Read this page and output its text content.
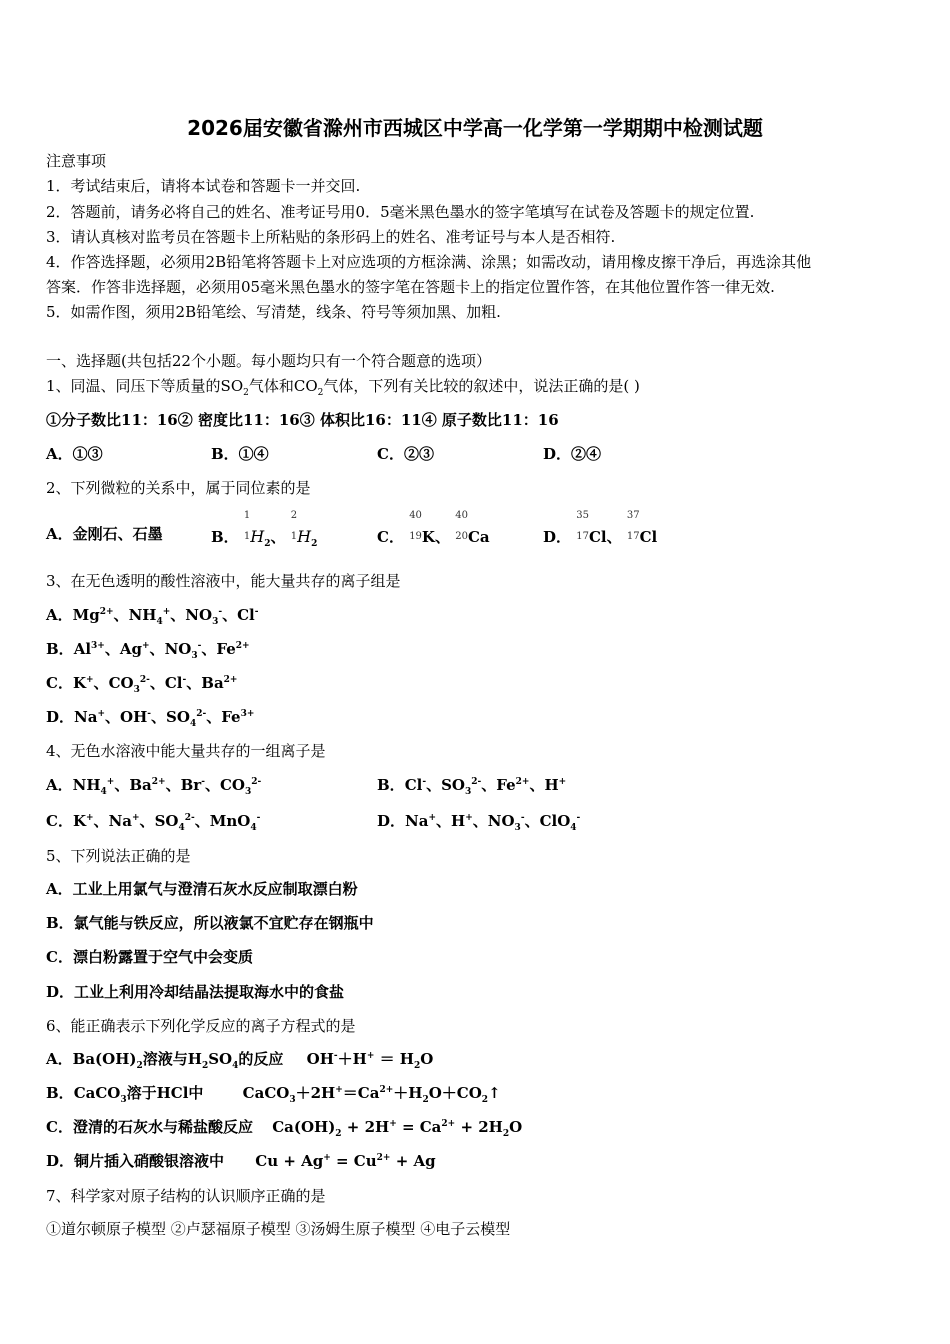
2026届安徽省滁州市西城区中学高一化学第一学期期中检测试题
注意事项
1．考试结束后，请将本试卷和答题卡一并交回.
2．答题前，请务必将自己的姓名、准考证号用0．5毫米黑色墨水的签字笔填写在试卷及答题卡的规定位置.
3．请认真核对监考员在答题卡上所粘贴的条形码上的姓名、准考证号与本人是否相符.
4．作答选择题，必须用2B铅笔将答题卡上对应选项的方框涂满、涂黑；如需改动，请用橡皮擦干净后，再选涂其他
答案．作答非选择题，必须用05毫米黑色墨水的签字笔在答题卡上的指定位置作答，在其他位置作答一律无效.
5．如需作图，须用2B铅笔绘、写清楚，线条、符号等须加黑、加粗.
一、选择题(共包括22个小题。每小题均只有一个符合题意的选项）
1、同温、同压下等质量的$SO_2$气体和$CO_2$气体，下列有关比较的叙述中，说法正确的是( )
①分子数比11：16② 密度比11：16③ 体积比16：11④ 原子数比11：16
A．①③	B．①④	C．②③	D．②④
2、下列微粒的关系中，属于同位素的是
A．金刚石、石墨	B．
1
$1H_2$、
2
$1H_2$	C．
40
19K、
40
20Ca	D．
35
17Cl、
37
17Cl
3、在无色透明的酸性溶液中，能大量共存的离子组是
A．$Mg^{2+}$、$NH_4^+$、$NO_3^-$、Cl-
B．$Al^{3+}$、Ag+、$NO_3^-$、$Fe^{2+}$
C．K+、$CO_3^{2-}$、Cl-、$Ba^{2+}$
D．Na+、OH-、$SO_4^{2-}$、$Fe^{3+}$
4、无色水溶液中能大量共存的一组离子是
A．$NH_4^+$、$Ba^{2+}$、Br-、$CO_3^{2-}$	B．Cl-、$SO_3^{2-}$、$Fe^{2+}$、H+
C．K+、Na+、$SO_4^{2-}$、MnO$_4$-	D．Na+、H+、$NO_3^-$、ClO$_4$-
5、下列说法正确的是
A．工业上用氯气与澄清石灰水反应制取漂白粉
B．氯气能与铁反应，所以液氯不宜贮存在钢瓶中
C．漂白粉露置于空气中会变质
D．工业上利用冷却结晶法提取海水中的食盐
6、能正确表示下列化学反应的离子方程式的是
A．$Ba(OH)_2$溶液与$H_2SO_4$的反应 $OH^-+H^+ = H_2O$
B．CaCO$_3$溶于HCl中	$CaCO_3+2H^+=Ca^{2+}+H_2O+CO_2↑$
C．澄清的石灰水与稀盐酸反应 $Ca(OH)_2 + 2H^+ = Ca^{2+} + 2H_2O$
D．铜片插入硝酸银溶液中 $Cu + Ag^+ = Cu^{2+} + Ag$
7、科学家对原子结构的认识顺序正确的是
①道尔顿原子模型 ②卢瑟福原子模型 ③汤姆生原子模型 ④电子云模型
